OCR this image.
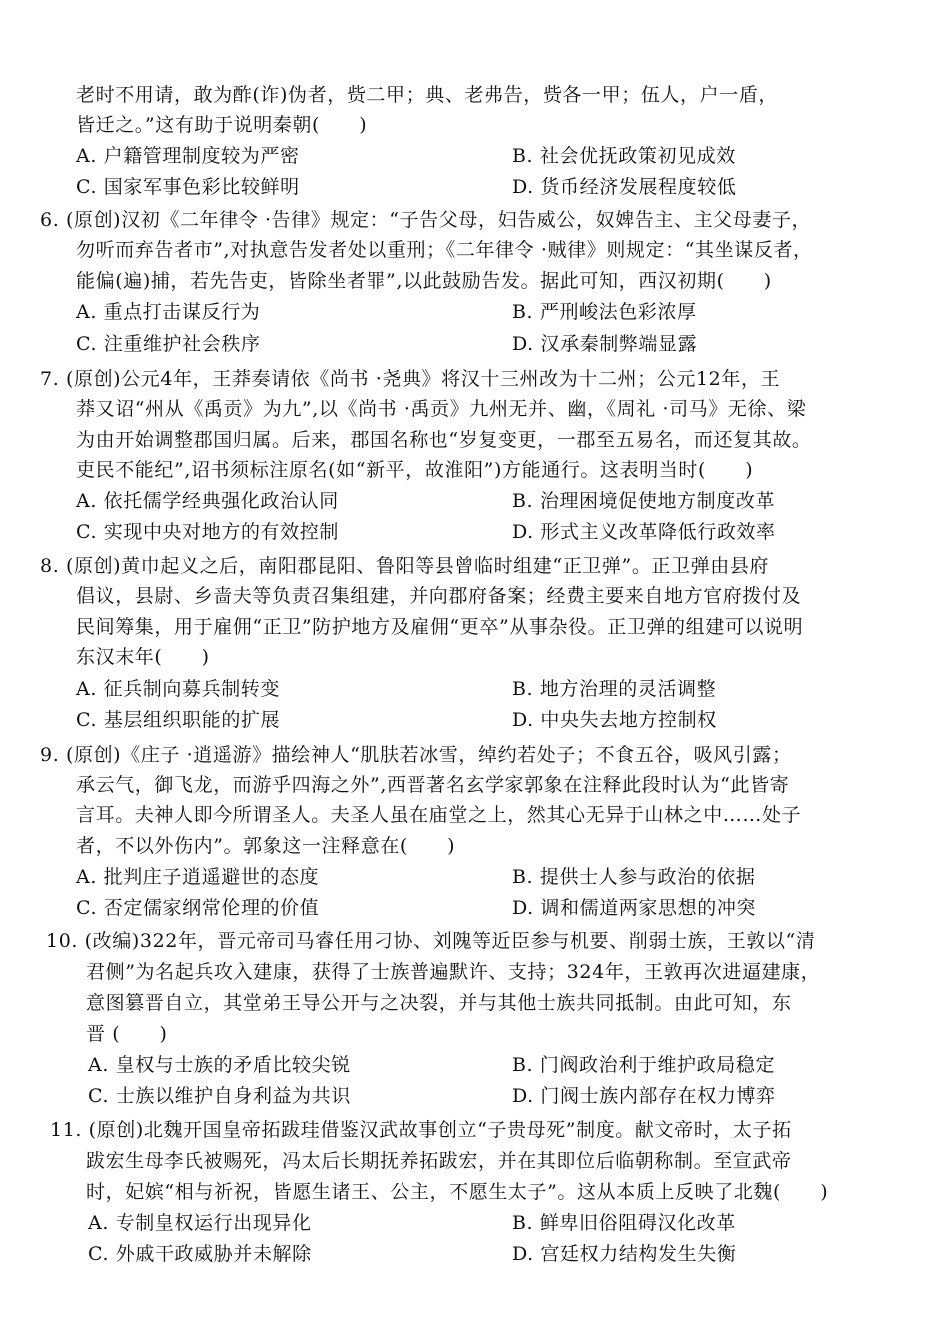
老时不用请，敢为酢(诈)伪者，赀二甲；典、老弗告，赀各一甲；伍人，户一盾，
皆迁之。”这有助于说明秦朝(　　)
A. 户籍管理制度较为严密	B. 社会优抚政策初见成效
C. 国家军事色彩比较鲜明	D. 货币经济发展程度较低
6. (原创)汉初《二年律令 ·告律》规定：“子告父母，妇告威公，奴婢告主、主父母妻子，
勿听而弃告者市”,对执意告发者处以重刑；《二年律令 ·贼律》则规定：“其坐谋反者，
能偏(遍)捕，若先告吏，皆除坐者罪”,以此鼓励告发。据此可知，西汉初期(　　)
A. 重点打击谋反行为	B. 严刑峻法色彩浓厚
C. 注重维护社会秩序	D. 汉承秦制弊端显露
7. (原创)公元4年，王莽奏请依《尚书 ·尧典》将汉十三州改为十二州；公元12年，王
莽又诏“州从《禹贡》为九”,以《尚书 ·禹贡》九州无并、幽，《周礼 ·司马》无徐、梁
为由开始调整郡国归属。后来，郡国名称也“岁复变更，一郡至五易名，而还复其故。
吏民不能纪”,诏书须标注原名(如“新平，故淮阳”)方能通行。这表明当时(　　)
A. 依托儒学经典强化政治认同	B. 治理困境促使地方制度改革
C. 实现中央对地方的有效控制	D. 形式主义改革降低行政效率
8. (原创)黄巾起义之后，南阳郡昆阳、鲁阳等县曾临时组建“正卫弹”。正卫弹由县府
倡议，县尉、乡啬夫等负责召集组建，并向郡府备案；经费主要来自地方官府拨付及
民间筹集，用于雇佣“正卫”防护地方及雇佣“更卒”从事杂役。正卫弹的组建可以说明
东汉末年(　　)
A. 征兵制向募兵制转变	B. 地方治理的灵活调整
C. 基层组织职能的扩展	D. 中央失去地方控制权
9. (原创)《庄子 ·逍遥游》描绘神人“肌肤若冰雪，绰约若处子；不食五谷，吸风引露；
承云气，御飞龙，而游乎四海之外”,西晋著名玄学家郭象在注释此段时认为“此皆寄
言耳。夫神人即今所谓圣人。夫圣人虽在庙堂之上，然其心无异于山林之中……处子
者，不以外伤内”。郭象这一注释意在(　　)
A. 批判庄子逍遥避世的态度	B. 提供士人参与政治的依据
C. 否定儒家纲常伦理的价值	D. 调和儒道两家思想的冲突
10. (改编)322年，晋元帝司马睿任用刁协、刘隗等近臣参与机要、削弱士族，王敦以“清
君侧”为名起兵攻入建康，获得了士族普遍默许、支持；324年，王敦再次进逼建康，
意图篡晋自立，其堂弟王导公开与之决裂，并与其他士族共同抵制。由此可知，东
晋 (　　)
A. 皇权与士族的矛盾比较尖锐	B. 门阀政治利于维护政局稳定
C. 士族以维护自身利益为共识	D. 门阀士族内部存在权力博弈
11. (原创)北魏开国皇帝拓跋珪借鉴汉武故事创立“子贵母死”制度。献文帝时，太子拓
跋宏生母李氏被赐死，冯太后长期抚养拓跋宏，并在其即位后临朝称制。至宣武帝
时，妃嫔“相与祈祝，皆愿生诸王、公主，不愿生太子”。这从本质上反映了北魏(　　)
A. 专制皇权运行出现异化	B. 鲜卑旧俗阻碍汉化改革
C. 外戚干政威胁并未解除	D. 宫廷权力结构发生失衡
